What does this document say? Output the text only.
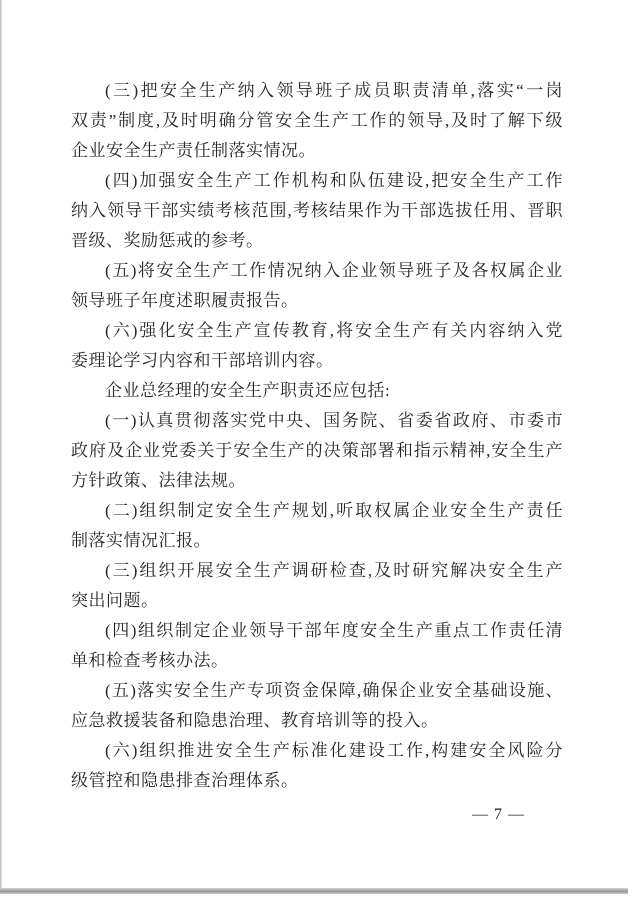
(三)把安全生产纳入领导班子成员职责清单,落实“一岗
双责”制度,及时明确分管安全生产工作的领导,及时了解下级
企业安全生产责任制落实情况。
(四)加强安全生产工作机构和队伍建设,把安全生产工作
纳入领导干部实绩考核范围,考核结果作为干部选拔任用、晋职
晋级、奖励惩戒的参考。
(五)将安全生产工作情况纳入企业领导班子及各权属企业
领导班子年度述职履责报告。
(六)强化安全生产宣传教育,将安全生产有关内容纳入党
委理论学习内容和干部培训内容。
企业总经理的安全生产职责还应包括:
(一)认真贯彻落实党中央、国务院、省委省政府、市委市
政府及企业党委关于安全生产的决策部署和指示精神,安全生产
方针政策、法律法规。
(二)组织制定安全生产规划,听取权属企业安全生产责任
制落实情况汇报。
(三)组织开展安全生产调研检查,及时研究解决安全生产
突出问题。
(四)组织制定企业领导干部年度安全生产重点工作责任清
单和检查考核办法。
(五)落实安全生产专项资金保障,确保企业安全基础设施、
应急救援装备和隐患治理、教育培训等的投入。
(六)组织推进安全生产标准化建设工作,构建安全风险分
级管控和隐患排查治理体系。
— 7 —
